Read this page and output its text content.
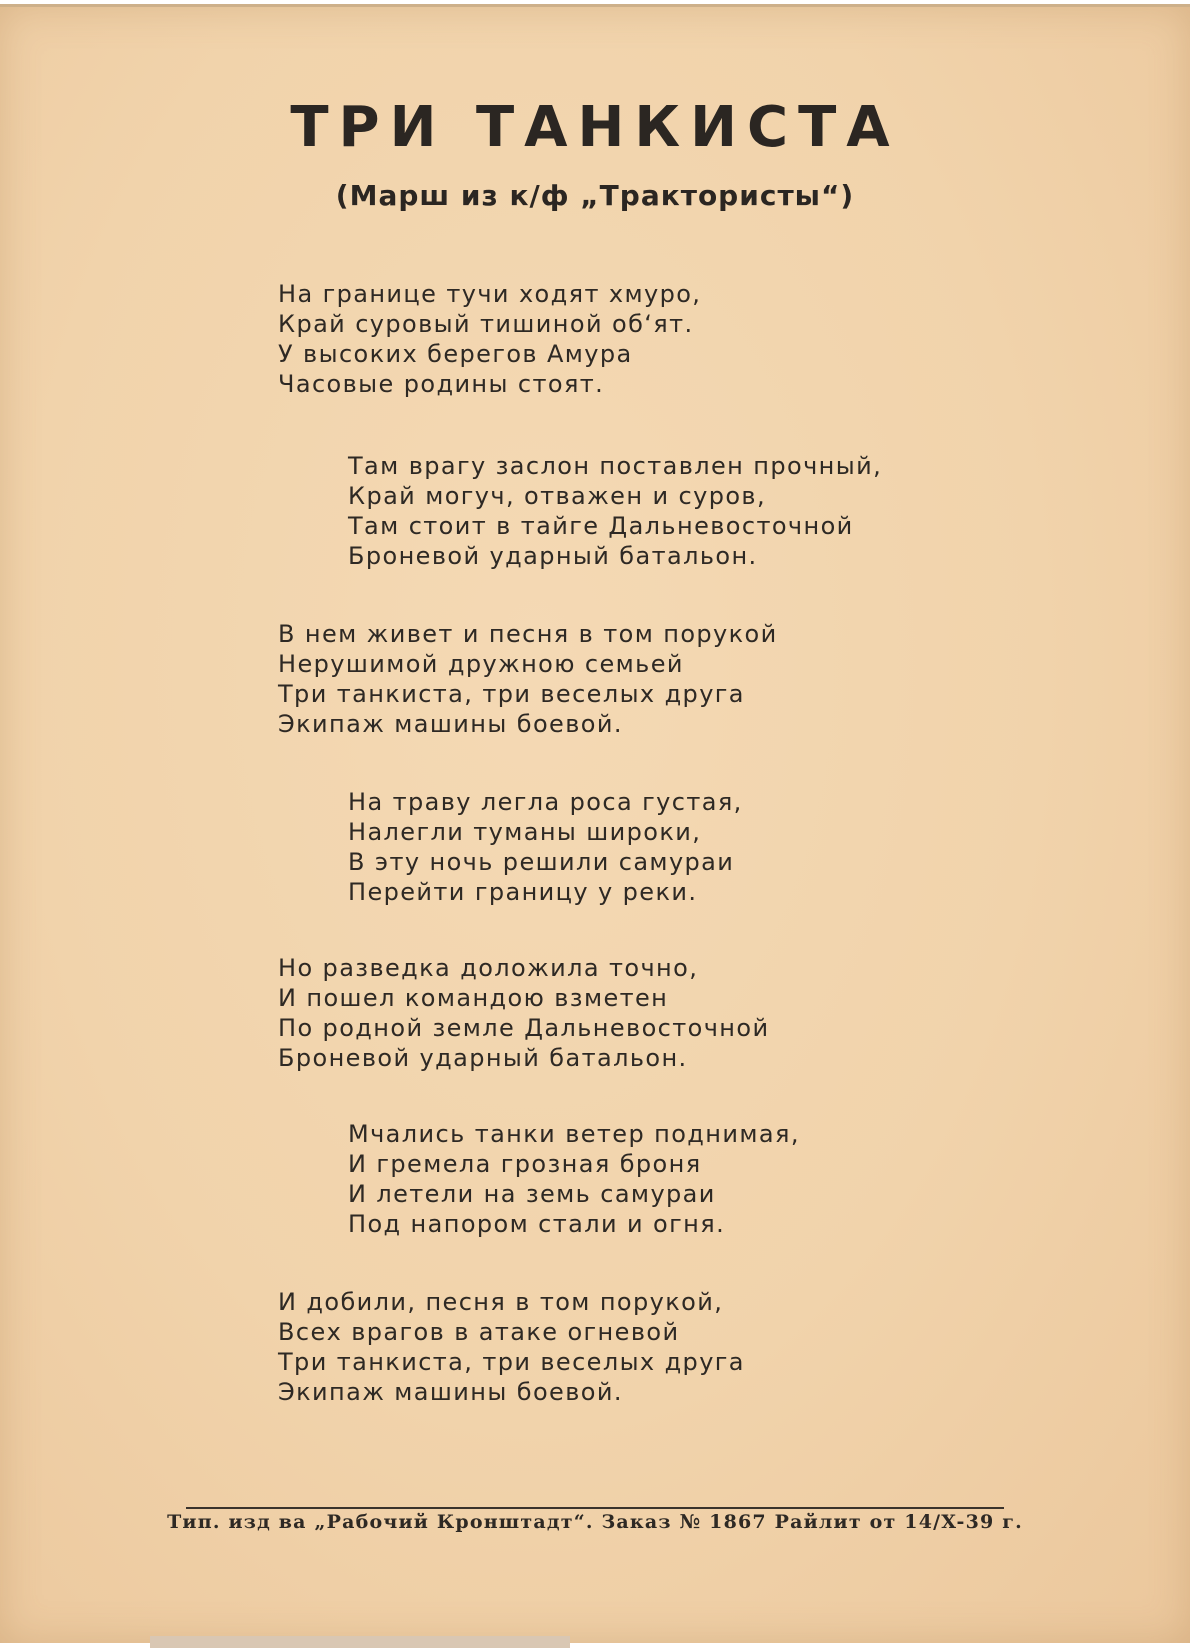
ТРИ ТАНКИСТА
(Марш из к/ф „Трактористы“)
На границе тучи ходят хмуро,
Край суровый тишиной об‘ят.
У высоких берегов Амура
Часовые родины стоят.
Там врагу заслон поставлен прочный,
Край могуч, отважен и суров,
Там стоит в тайге Дальневосточной
Броневой ударный батальон.
В нем живет и песня в том порукой
Нерушимой дружною семьей
Три танкиста, три веселых друга
Экипаж машины боевой.
На траву легла роса густая,
Налегли туманы широки,
В эту ночь решили самураи
Перейти границу у реки.
Но разведка доложила точно,
И пошел командою взметен
По родной земле Дальневосточной
Броневой ударный батальон.
Мчались танки ветер поднимая,
И гремела грозная броня
И летели на земь самураи
Под напором стали и огня.
И добили, песня в том порукой,
Всех врагов в атаке огневой
Три танкиста, три веселых друга
Экипаж машины боевой.
Тип. изд ва „Рабочий Кронштадт“. Заказ № 1867 Райлит от 14/X-39 г.
